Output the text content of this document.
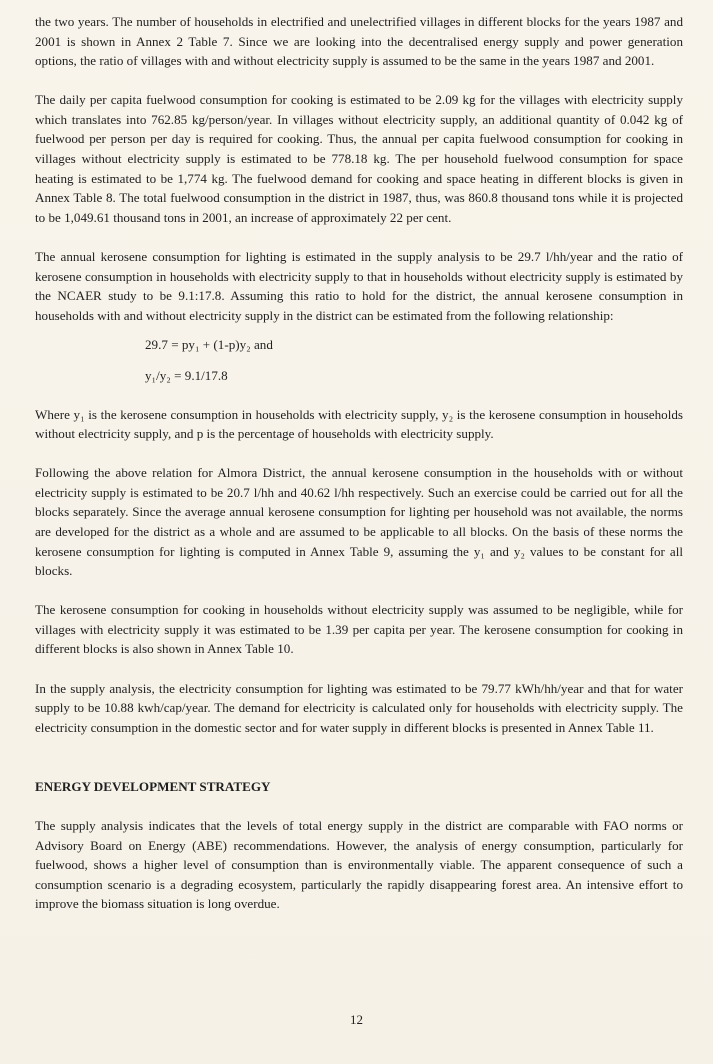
the two years. The number of households in electrified and unelectrified villages in different blocks for the years 1987 and 2001 is shown in Annex 2 Table 7. Since we are looking into the decentralised energy supply and power generation options, the ratio of villages with and without electricity supply is assumed to be the same in the years 1987 and 2001.

The daily per capita fuelwood consumption for cooking is estimated to be 2.09 kg for the villages with electricity supply which translates into 762.85 kg/person/year. In villages without electricity supply, an additional quantity of 0.042 kg of fuelwood per person per day is required for cooking. Thus, the annual per capita fuelwood consumption for cooking in villages without electricity supply is estimated to be 778.18 kg. The per household fuelwood consumption for space heating is estimated to be 1,774 kg. The fuelwood demand for cooking and space heating in different blocks is given in Annex Table 8. The total fuelwood consumption in the district in 1987, thus, was 860.8 thousand tons while it is projected to be 1,049.61 thousand tons in 2001, an increase of approximately 22 per cent.

The annual kerosene consumption for lighting is estimated in the supply analysis to be 29.7 l/hh/year and the ratio of kerosene consumption in households with electricity supply to that in households without electricity supply is estimated by the NCAER study to be 9.1:17.8. Assuming this ratio to hold for the district, the annual kerosene consumption in households with and without electricity supply in the district can be estimated from the following relationship:

29.7 = py₁ + (1-p)y₂ and
y₁/y₂ = 9.1/17.8

Where y₁ is the kerosene consumption in households with electricity supply, y₂ is the kerosene consumption in households without electricity supply, and p is the percentage of households with electricity supply.

Following the above relation for Almora District, the annual kerosene consumption in the households with or without electricity supply is estimated to be 20.7 l/hh and 40.62 l/hh respectively. Such an exercise could be carried out for all the blocks separately. Since the average annual kerosene consumption for lighting per household was not available, the norms are developed for the district as a whole and are assumed to be applicable to all blocks. On the basis of these norms the kerosene consumption for lighting is computed in Annex Table 9, assuming the y₁ and y₂ values to be constant for all blocks.

The kerosene consumption for cooking in households without electricity supply was assumed to be negligible, while for villages with electricity supply it was estimated to be 1.39 per capita per year. The kerosene consumption for cooking in different blocks is also shown in Annex Table 10.

In the supply analysis, the electricity consumption for lighting was estimated to be 79.77 kWh/hh/year and that for water supply to be 10.88 kwh/cap/year. The demand for electricity is calculated only for households with electricity supply. The electricity consumption in the domestic sector and for water supply in different blocks is presented in Annex Table 11.

ENERGY DEVELOPMENT STRATEGY

The supply analysis indicates that the levels of total energy supply in the district are comparable with FAO norms or Advisory Board on Energy (ABE) recommendations. However, the analysis of energy consumption, particularly for fuelwood, shows a higher level of consumption than is environmentally viable. The apparent consequence of such a consumption scenario is a degrading ecosystem, particularly the rapidly disappearing forest area. An intensive effort to improve the biomass situation is long overdue.

12
